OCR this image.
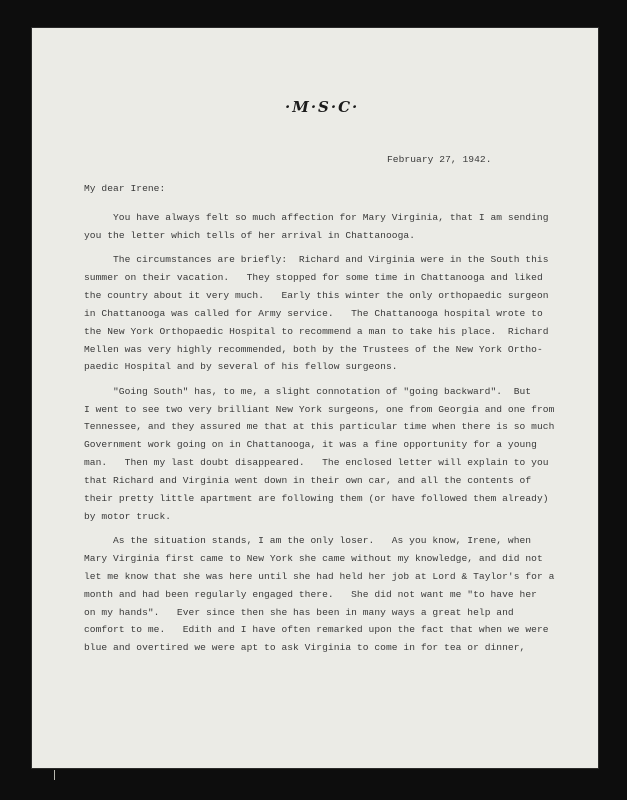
·M·S·C·
February 27, 1942.
My dear Irene:
You have always felt so much affection for Mary Virginia, that I am sending
you the letter which tells of her arrival in Chattanooga.
The circumstances are briefly:  Richard and Virginia were in the South this
summer on their vacation.   They stopped for some time in Chattanooga and liked
the country about it very much.   Early this winter the only orthopaedic surgeon
in Chattanooga was called for Army service.   The Chattanooga hospital wrote to
the New York Orthopaedic Hospital to recommend a man to take his place.  Richard
Mellen was very highly recommended, both by the Trustees of the New York Ortho-
paedic Hospital and by several of his fellow surgeons.
"Going South" has, to me, a slight connotation of "going backward".  But
I went to see two very brilliant New York surgeons, one from Georgia and one from
Tennessee, and they assured me that at this particular time when there is so much
Government work going on in Chattanooga, it was a fine opportunity for a young
man.   Then my last doubt disappeared.   The enclosed letter will explain to you
that Richard and Virginia went down in their own car, and all the contents of
their pretty little apartment are following them (or have followed them already)
by motor truck.
As the situation stands, I am the only loser.   As you know, Irene, when
Mary Virginia first came to New York she came without my knowledge, and did not
let me know that she was here until she had held her job at Lord & Taylor's for a
month and had been regularly engaged there.   She did not want me "to have her
on my hands".   Ever since then she has been in many ways a great help and
comfort to me.   Edith and I have often remarked upon the fact that when we were
blue and overtired we were apt to ask Virginia to come in for tea or dinner,
